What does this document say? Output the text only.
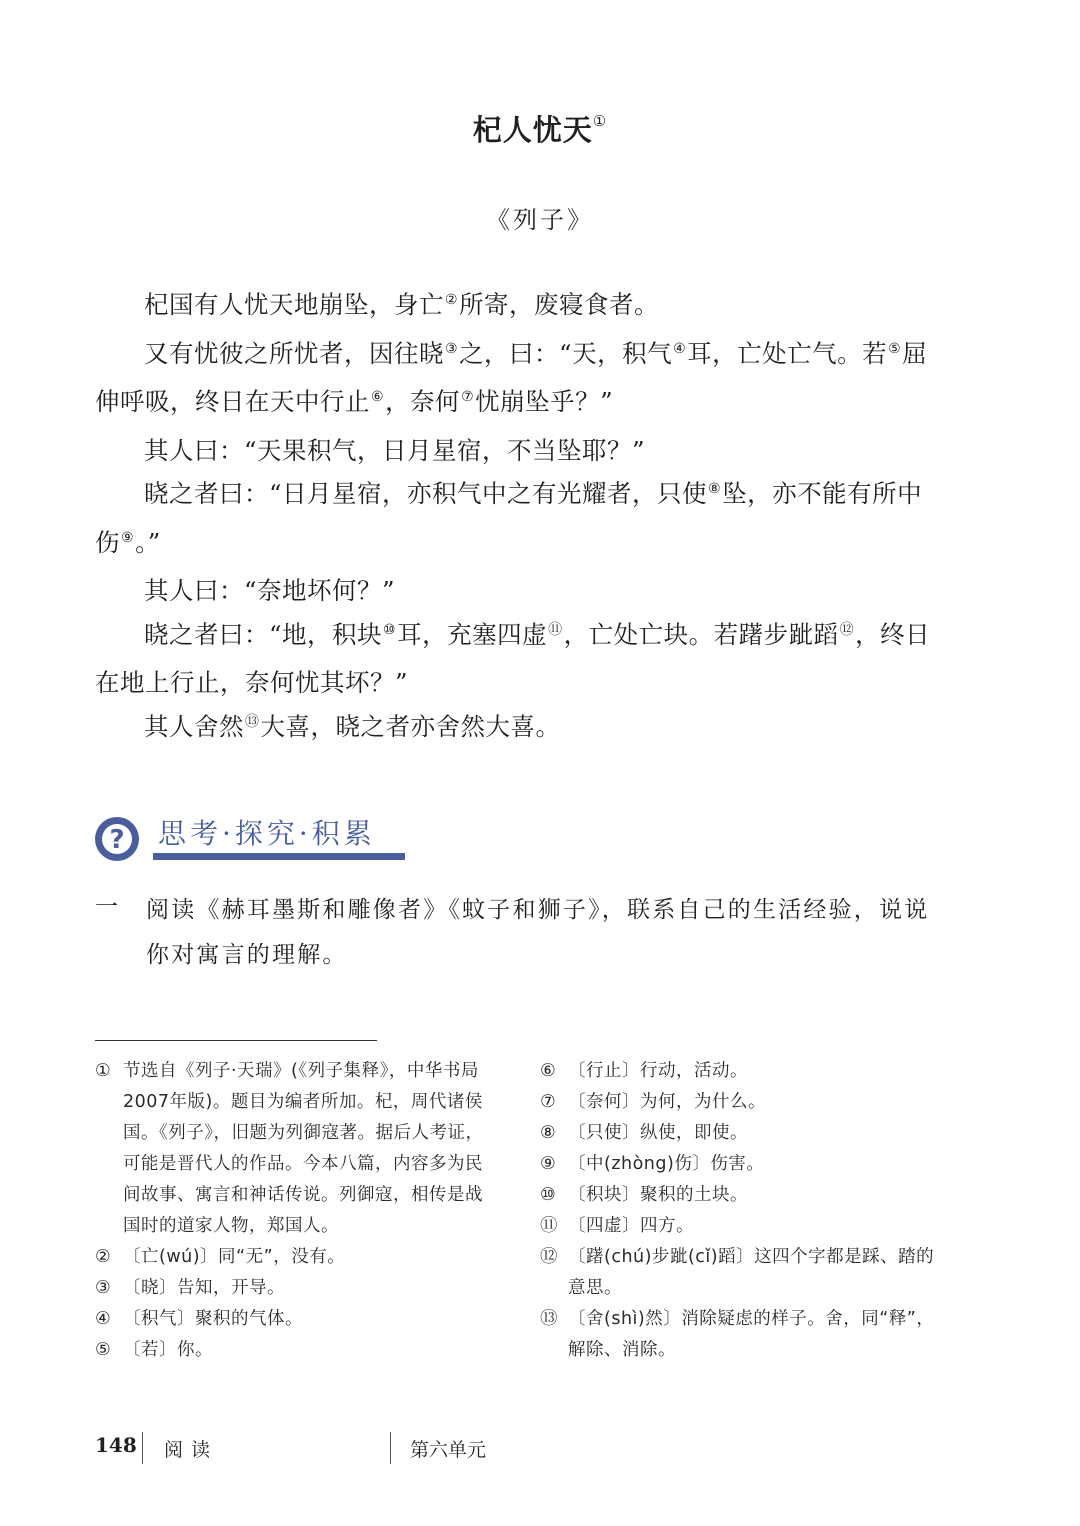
杞人忧天①
《列子》

杞国有人忧天地崩坠，身亡②所寄，废寝食者。

又有忧彼之所忧者，因往晓③之，曰：“天，积气④耳，亡处亡气。若⑤屈伸呼吸，终日在天中行止⑥，奈何⑦忧崩坠乎？”

其人曰：“天果积气，日月星宿，不当坠耶？”

晓之者曰：“日月星宿，亦积气中之有光耀者，只使⑧坠，亦不能有所中伤⑨。”

其人曰：“奈地坏何？”

晓之者曰：“地，积块⑩耳，充塞四虚⑪，亡处亡块。若躇步跐蹈⑫，终日在地上行止，奈何忧其坏？”

其人舍然⑬大喜，晓之者亦舍然大喜。

? 思考·探究·积累
一 阅读《赫耳墨斯和雕像者》《蚊子和狮子》，联系自己的生活经验，说说你对寓言的理解。
① 节选自《列子·天瑞》(《列子集释》，中华书局2007年版)。题目为编者所加。杞，周代诸侯国。《列子》，旧题为列御寇著。据后人考证，可能是晋代人的作品。今本八篇，内容多为民间故事、寓言和神话传说。列御寇，相传是战国时的道家人物，郑国人。
② 〔亡(wú)〕同“无”，没有。
③ 〔晓〕告知，开导。
④ 〔积气〕聚积的气体。
⑤ 〔若〕你。
⑥ 〔行止〕行动，活动。
⑦ 〔奈何〕为何，为什么。
⑧ 〔只使〕纵使，即使。
⑨ 〔中(zhòng)伤〕伤害。
⑩ 〔积块〕聚积的土块。
⑪ 〔四虚〕四方。
⑫ 〔躇(chú)步跐(cǐ)蹈〕这四个字都是踩、踏的意思。
⑬ 〔舍(shì)然〕消除疑虑的样子。舍，同“释”，解除、消除。
148 阅读	第六单元
